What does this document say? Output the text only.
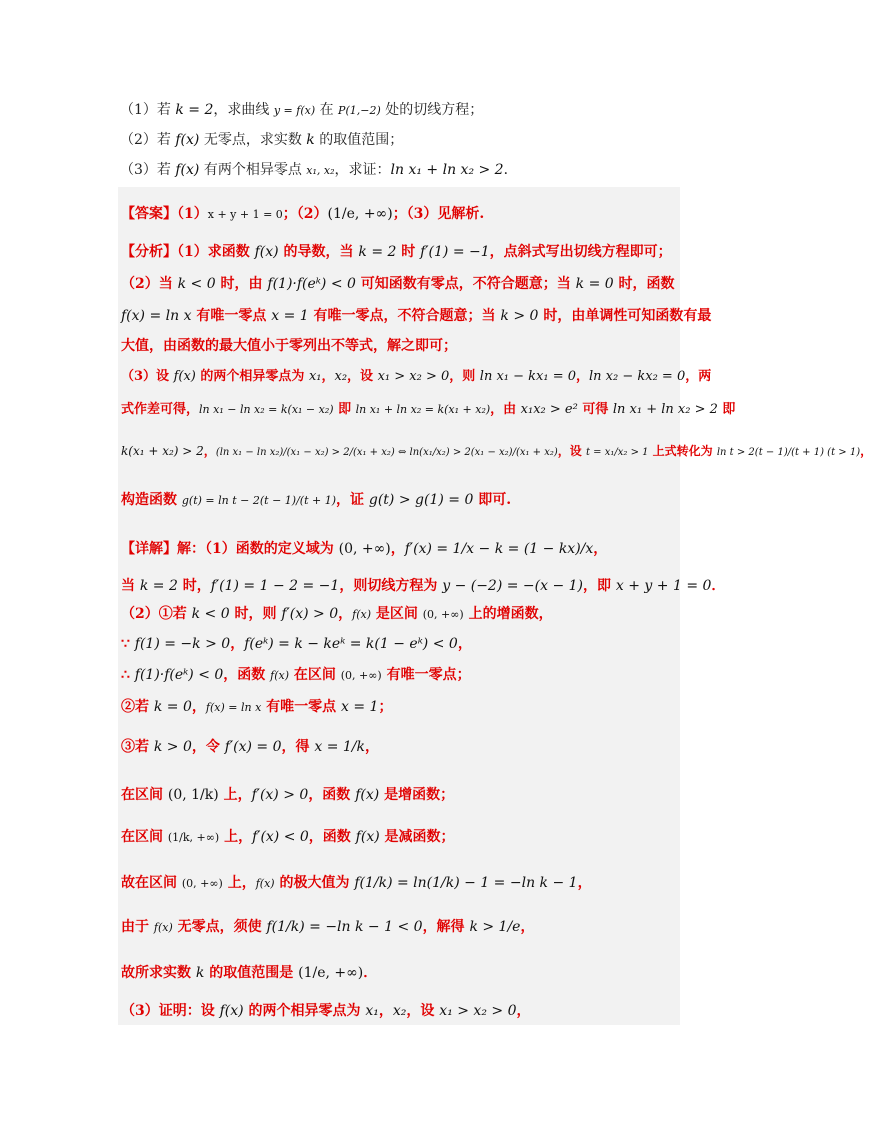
（1）若 k = 2，求曲线 y = f(x) 在 P(1,−2) 处的切线方程；
（2）若 f(x) 无零点，求实数 k 的取值范围；
（3）若 f(x) 有两个相异零点 x₁, x₂，求证：ln x₁ + ln x₂ > 2．
【答案】（1）x + y + 1 = 0；（2）(1/e, +∞)；（3）见解析.
【分析】（1）求函数 f(x) 的导数，当 k = 2 时 f′(1) = −1，点斜式写出切线方程即可；
（2）当 k < 0 时，由 f(1)·f(eᵏ) < 0 可知函数有零点，不符合题意；当 k = 0 时，函数
f(x) = ln x 有唯一零点 x = 1 有唯一零点，不符合题意；当 k > 0 时，由单调性可知函数有最
大值，由函数的最大值小于零列出不等式，解之即可；
（3）设 f(x) 的两个相异零点为 x₁，x₂，设 x₁ > x₂ > 0，则 ln x₁ − kx₁ = 0，ln x₂ − kx₂ = 0，两
式作差可得，ln x₁ − ln x₂ = k(x₁ − x₂) 即 ln x₁ + ln x₂ = k(x₁ + x₂)，由 x₁x₂ > e² 可得 ln x₁ + ln x₂ > 2 即
k(x₁ + x₂) > 2，(ln x₁ − ln x₂)/(x₁ − x₂) > 2/(x₁ + x₂) ⇔ ln(x₁/x₂) > 2(x₁ − x₂)/(x₁ + x₂)，设 t = x₁/x₂ > 1 上式转化为 ln t > 2(t − 1)/(t + 1) (t > 1)，
构造函数 g(t) = ln t − 2(t − 1)/(t + 1)，证 g(t) > g(1) = 0 即可.
【详解】解：（1）函数的定义域为 (0, +∞)，f′(x) = 1/x − k = (1 − kx)/x，
当 k = 2 时，f′(1) = 1 − 2 = −1，则切线方程为 y − (−2) = −(x − 1)，即 x + y + 1 = 0．
（2）①若 k < 0 时，则 f′(x) > 0，f(x) 是区间 (0, +∞) 上的增函数，
∵ f(1) = −k > 0，f(eᵏ) = k − keᵏ = k(1 − eᵏ) < 0，
∴ f(1)·f(eᵏ) < 0，函数 f(x) 在区间 (0, +∞) 有唯一零点；
②若 k = 0，f(x) = ln x 有唯一零点 x = 1；
③若 k > 0，令 f′(x) = 0，得 x = 1/k，
在区间 (0, 1/k) 上，f′(x) > 0，函数 f(x) 是增函数；
在区间 (1/k, +∞) 上，f′(x) < 0，函数 f(x) 是减函数；
故在区间 (0, +∞) 上，f(x) 的极大值为 f(1/k) = ln(1/k) − 1 = −ln k − 1，
由于 f(x) 无零点，须使 f(1/k) = −ln k − 1 < 0，解得 k > 1/e，
故所求实数 k 的取值范围是 (1/e, +∞)．
（3）证明：设 f(x) 的两个相异零点为 x₁，x₂，设 x₁ > x₂ > 0，
